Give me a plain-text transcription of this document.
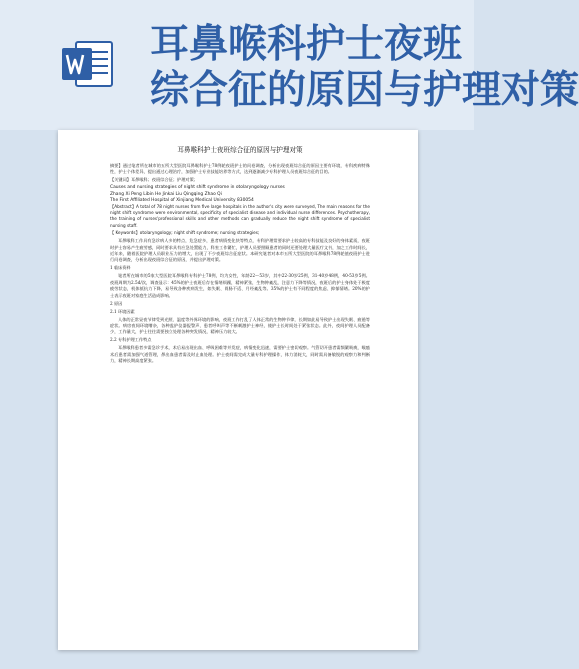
耳鼻喉科护士夜班
综合征的原因与护理对策
耳鼻喉科护士夜班综合征的原因与护理对策

摘要】通过笔者所在城市的五所大型医院耳鼻喉科护士78例轮夜班护士的问卷调查，分析出现夜班综合征的原因主要有环境，专科疾病特殊性，护士个体差异，提出通过心理治疗，加强护士专业技能培养等方式，达到逐渐减少专科护理人员夜班综合征的目的。

【关键词】耳鼻喉科；夜班综合征；护理对策；

Causes and nursing strategies of night shift syndrome in otolaryngology nurses

Zhang Xi Peng Libin He Jinkai Liu Qingqing Zhao Qi

The First Affiliated Hospital of Xinjiang Medical University 830054

【Abstract】A total of 78 night nurses from five large hospitals in the author's city were surveyed, The main reasons for the night shift syndrome were environmental, specificity of specialist disease and individual nurse differences. Psychotherapy, the training of nurses'professional skills and other methods can gradually reduce the night shift syndrome of specialist nursing staff.

【 Keywords】otolaryngology; night shift syndrome; nursing strategies;

耳鼻喉科工作具有急诊病人多的特点，危急症多，患者病情变化快等特点，专科护理常要求护士较高的专科技能及良好的身体素质，夜班时护士容易产生疲劳感，同时要求具有应急处置能力，科室工作繁忙，护理人员要照顾患者的同时还要处理大量医疗文书，加之工作时间长，近年来，随着医院护理人员职业压力的增大，出现了不少夜班综合征症状。本研究笔者对本市五所大型医院的耳鼻喉科78例轮值夜班护士进行问卷调查，分析出现夜班综合征的原因，并提出护理对策。

1 临床资料

笔者所在城市的5家大型医院耳鼻喉科专科护士78例，均为女性，年龄22～53岁，其中22-30岁25例，31-40岁48例，40-53岁5例。夜班周期为2.5d/次，调查显示：45%的护士夜班后存在情绪烦躁，精神紧张，生物钟紊乱，注意力下降等情况，夜班后的护士身体处于极度疲劳状态，机体抵抗力下降，易导致各种疾病发生，如失眠、胃肠不适、月经紊乱等。35%的护士有不同程度的焦虑、抑郁情绪。20%的护士表示夜班对家庭生活造成影响。

2 原因

2.1 环境因素

人体的正常昼夜节律受到光照、温度等外界环境的影响，夜班工作打乱了人体正常的生物钟节律，长期如此易导致护士出现失眠、疲倦等症状。病房夜间环境嘈杂，各种监护仪器报警声、患者呼叫声等不断刺激护士神经，使护士长时间处于紧张状态。此外，夜间护理人员配备少，工作量大，护士往往需要独立处理各种突发情况，精神压力较大。

2.2 专科护理工作特点

耳鼻喉科患者多需急诊手术，术后易出现出血、呼吸困难等并发症，病情变化迅速，需要护士密切观察。气管切开患者需频繁吸痰，喉癌术后患者需加强气道管理，鼻出血患者需及时止血处理。护士夜间需完成大量专科护理操作，体力消耗大，同时需具备敏锐的观察力和判断力，精神长期高度紧张。
